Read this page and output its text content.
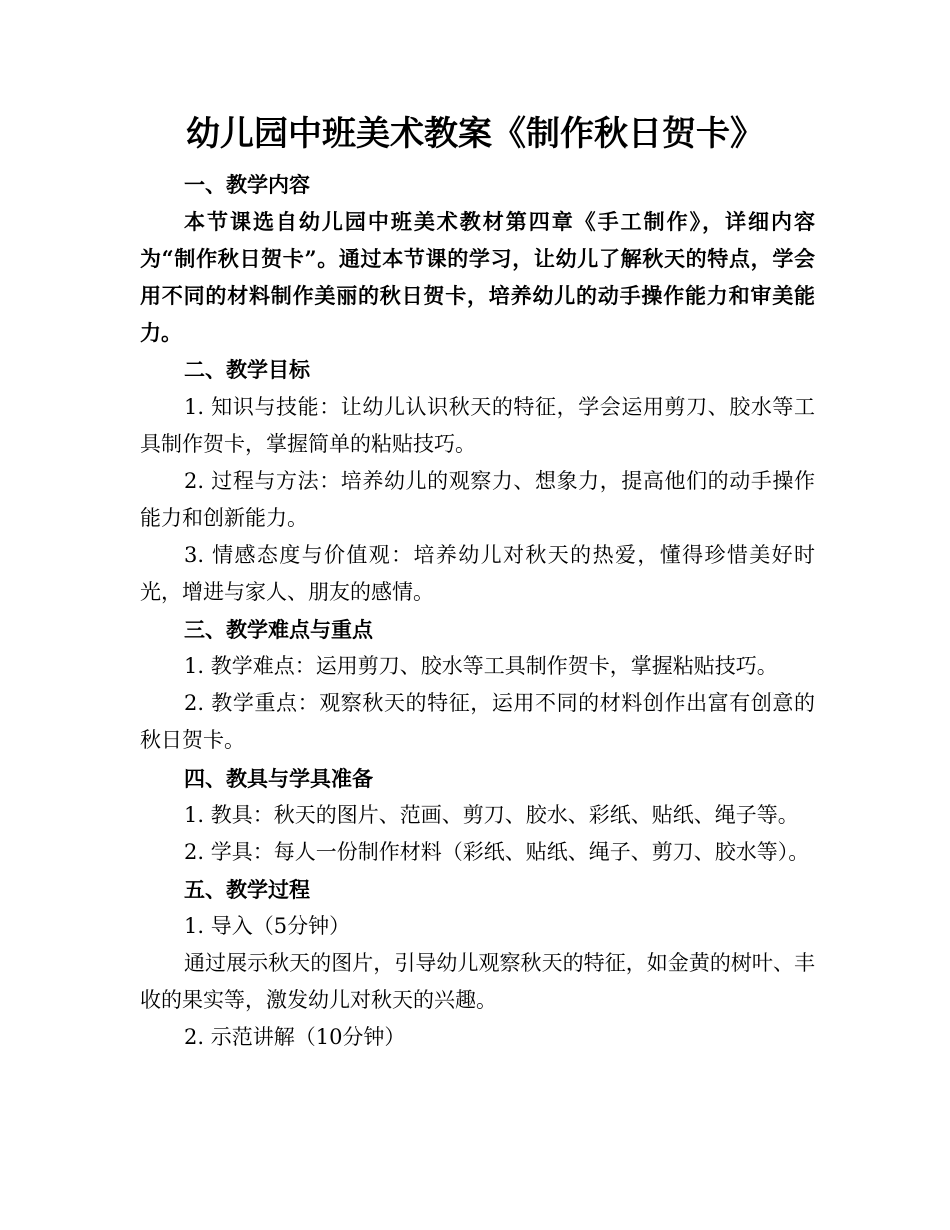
幼儿园中班美术教案《制作秋日贺卡》
一、教学内容

本节课选自幼儿园中班美术教材第四章《手工制作》，详细内容为“制作秋日贺卡”。通过本节课的学习，让幼儿了解秋天的特点，学会用不同的材料制作美丽的秋日贺卡，培养幼儿的动手操作能力和审美能力。

二、教学目标

1. 知识与技能：让幼儿认识秋天的特征，学会运用剪刀、胶水等工具制作贺卡，掌握简单的粘贴技巧。

2. 过程与方法：培养幼儿的观察力、想象力，提高他们的动手操作能力和创新能力。

3. 情感态度与价值观：培养幼儿对秋天的热爱，懂得珍惜美好时光，增进与家人、朋友的感情。

三、教学难点与重点

1. 教学难点：运用剪刀、胶水等工具制作贺卡，掌握粘贴技巧。

2. 教学重点：观察秋天的特征，运用不同的材料创作出富有创意的秋日贺卡。

四、教具与学具准备

1. 教具：秋天的图片、范画、剪刀、胶水、彩纸、贴纸、绳子等。

2. 学具：每人一份制作材料（彩纸、贴纸、绳子、剪刀、胶水等）。

五、教学过程

1. 导入（5分钟）

通过展示秋天的图片，引导幼儿观察秋天的特征，如金黄的树叶、丰收的果实等，激发幼儿对秋天的兴趣。

2. 示范讲解（10分钟）
